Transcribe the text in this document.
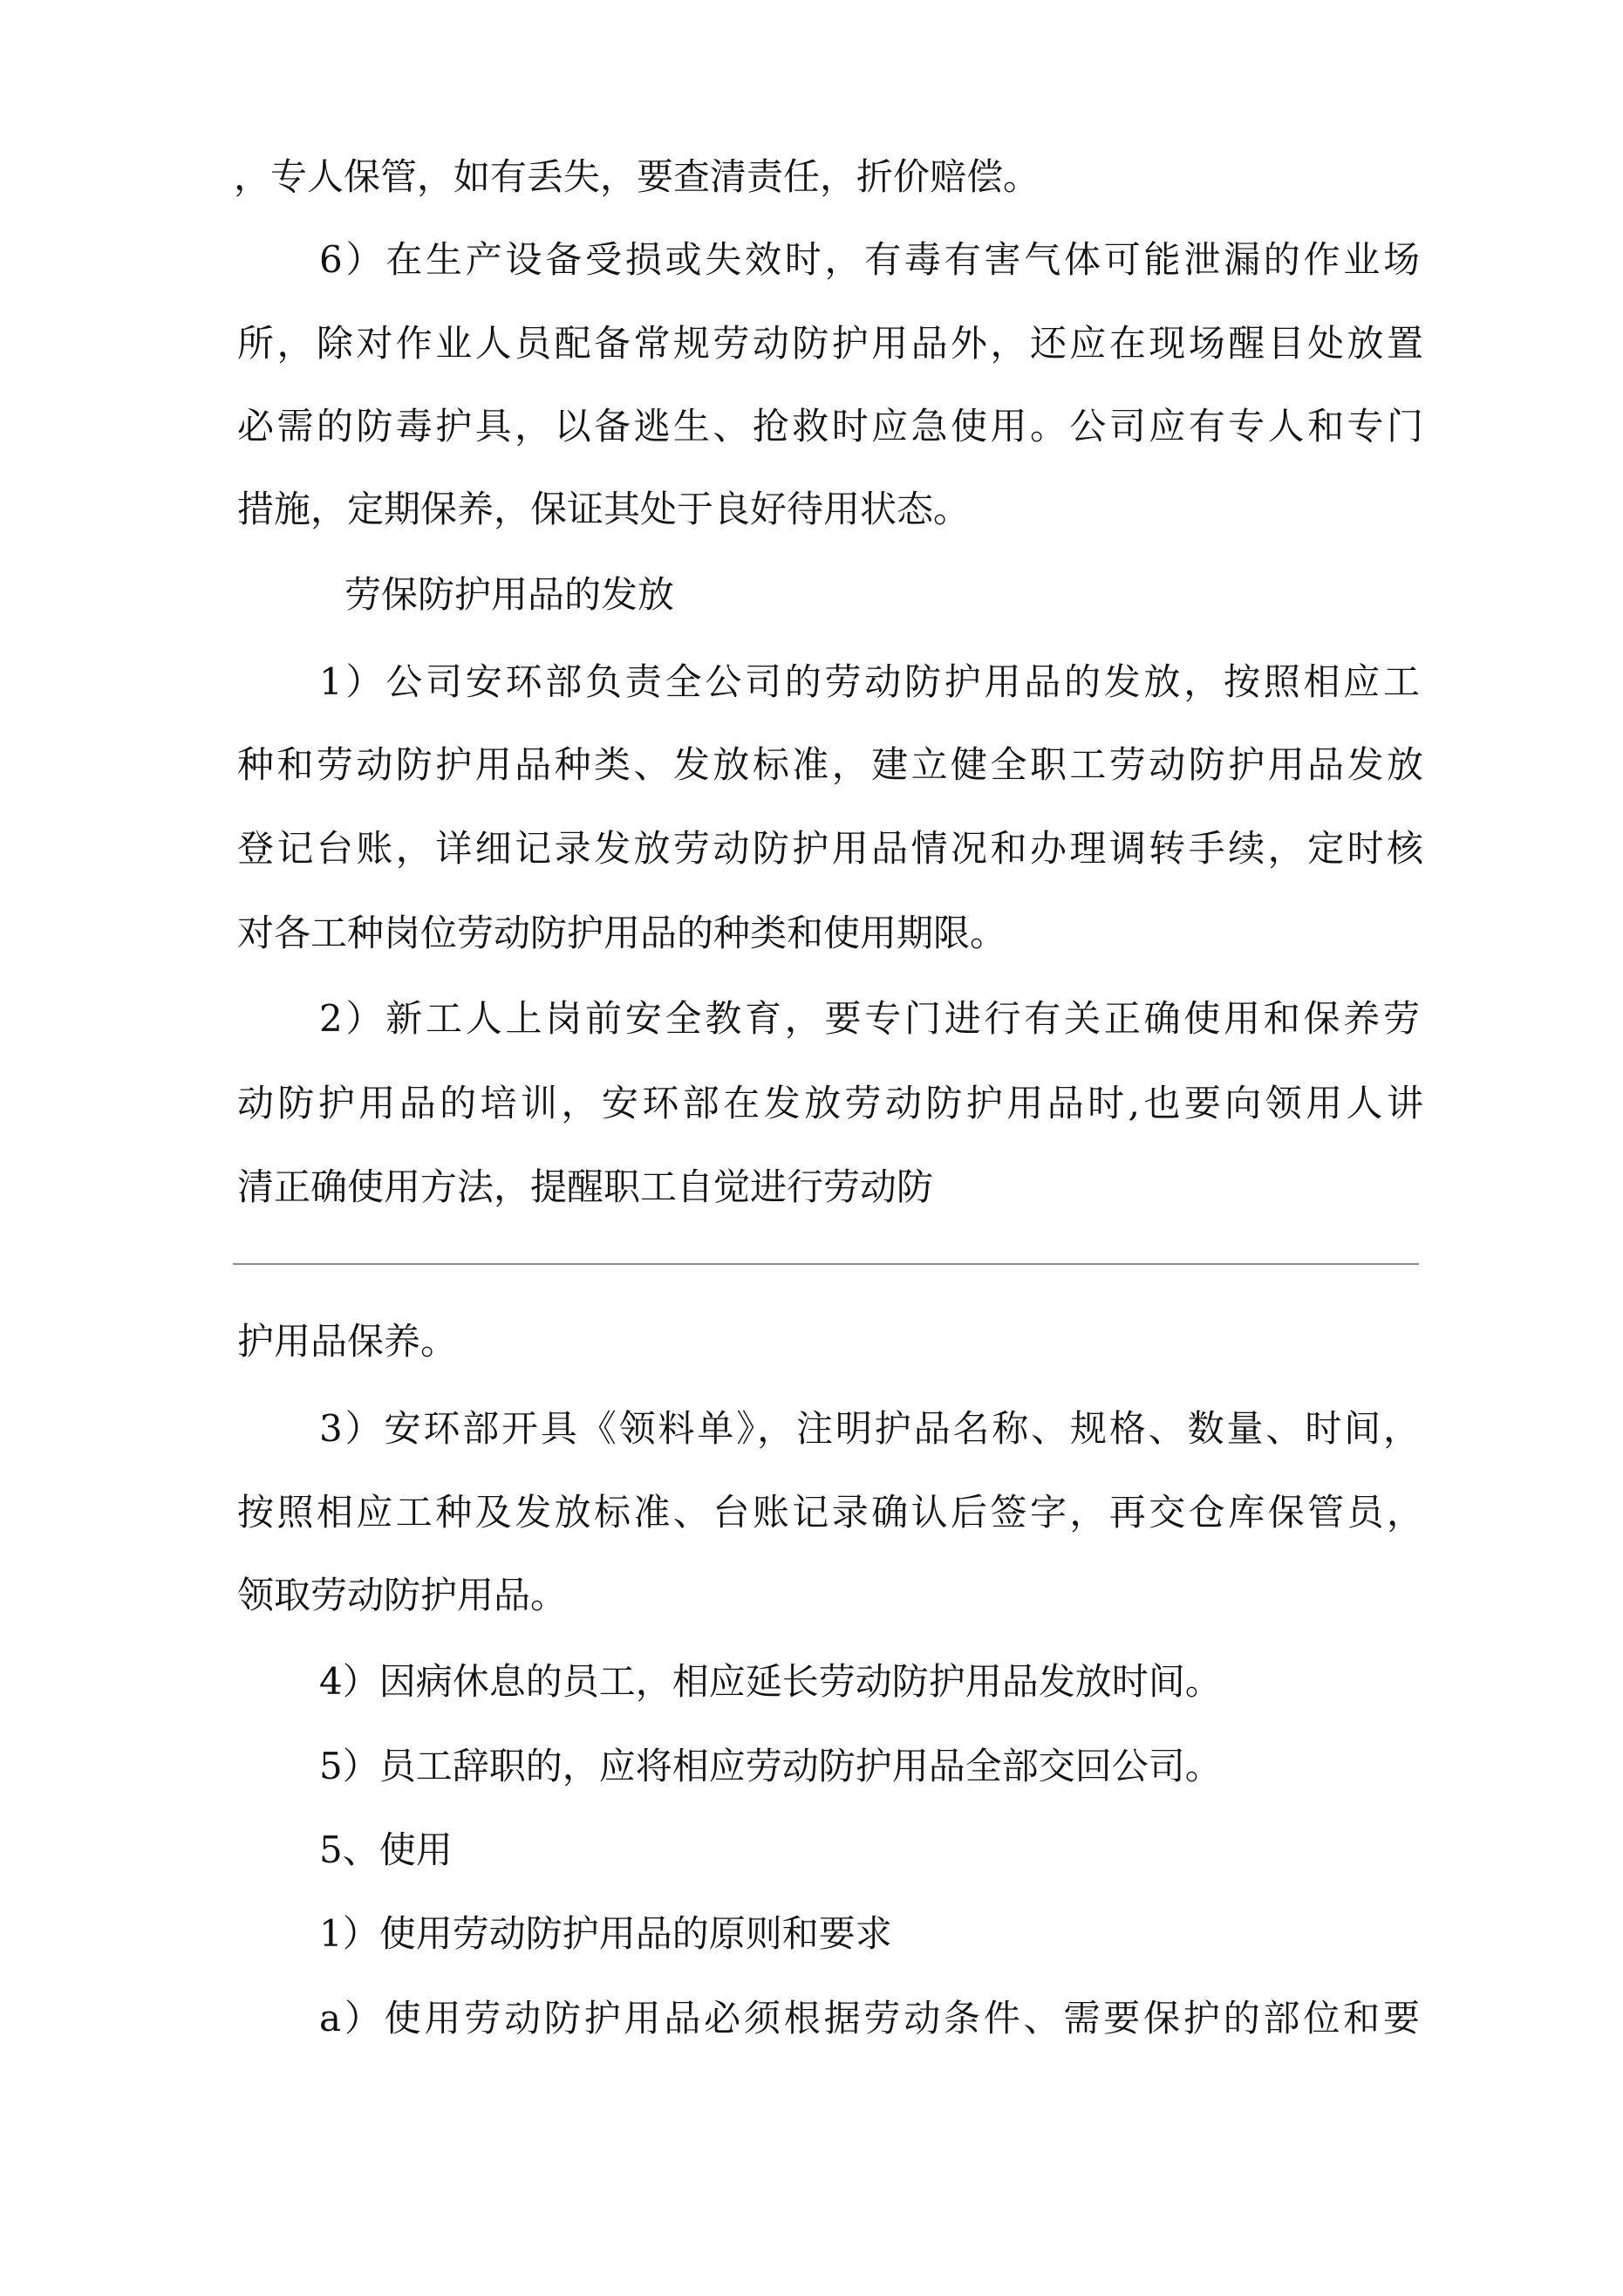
，专人保管，如有丢失，要查清责任，折价赔偿。
6）在生产设备受损或失效时，有毒有害气体可能泄漏的作业场
所，除对作业人员配备常规劳动防护用品外，还应在现场醒目处放置
必需的防毒护具，以备逃生、抢救时应急使用。公司应有专人和专门
措施，定期保养，保证其处于良好待用状态。
劳保防护用品的发放
1）公司安环部负责全公司的劳动防护用品的发放，按照相应工
种和劳动防护用品种类、发放标准，建立健全职工劳动防护用品发放
登记台账，详细记录发放劳动防护用品情况和办理调转手续，定时核
对各工种岗位劳动防护用品的种类和使用期限。
2）新工人上岗前安全教育，要专门进行有关正确使用和保养劳
动防护用品的培训，安环部在发放劳动防护用品时,也要向领用人讲
清正确使用方法，提醒职工自觉进行劳动防
护用品保养。
3）安环部开具《领料单》，注明护品名称、规格、数量、时间，
按照相应工种及发放标准、台账记录确认后签字，再交仓库保管员，
领取劳动防护用品。
4）因病休息的员工，相应延长劳动防护用品发放时间。
5）员工辞职的，应将相应劳动防护用品全部交回公司。
5、使用
1）使用劳动防护用品的原则和要求
a）使用劳动防护用品必须根据劳动条件、需要保护的部位和要
